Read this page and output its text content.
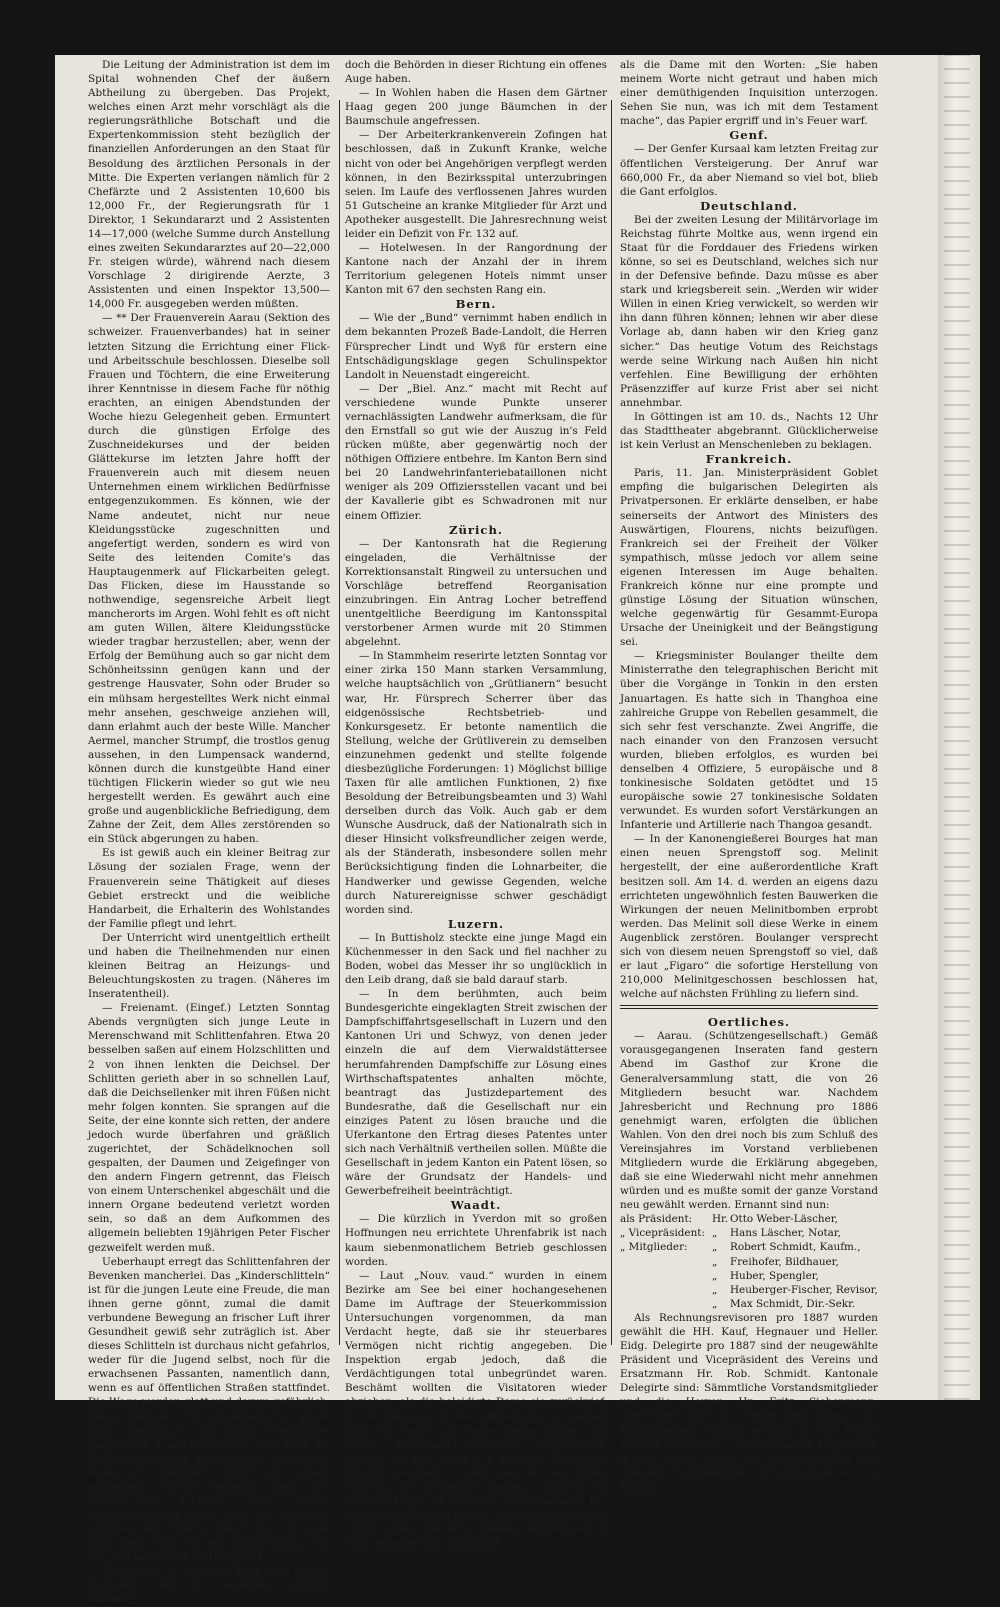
Die Leitung der Administration ist dem im Spital wohnenden Chef der äußern Abtheilung zu übergeben. Das Projekt, welches einen Arzt mehr vorschlägt als die regierungsräthliche Botschaft und die Expertenkommission steht bezüglich der finanziellen Anforderungen an den Staat für Besoldung des ärztlichen Personals in der Mitte. Die Experten verlangen nämlich für 2 Chefärzte und 2 Assistenten 10,600 bis 12,000 Fr., der Regierungsrath für 1 Direktor, 1 Sekundararzt und 2 Assistenten 14—17,000 (welche Summe durch Anstellung eines zweiten Sekundararztes auf 20—22,000 Fr. steigen würde), während nach diesem Vorschlage 2 dirigirende Aerzte, 3 Assistenten und einen Inspektor 13,500—14,000 Fr. ausgegeben werden müßten.

— ** Der Frauenverein Aarau (Sektion des schweizer. Frauenverbandes) hat in seiner letzten Sitzung die Errichtung einer Flick- und Arbeitsschule beschlossen. Dieselbe soll Frauen und Töchtern, die eine Erweiterung ihrer Kenntnisse in diesem Fache für nöthig erachten, an einigen Abendstunden der Woche hiezu Gelegenheit geben. Ermuntert durch die günstigen Erfolge des Zuschneidekurses und der beiden Glättekurse im letzten Jahre hofft der Frauenverein auch mit diesem neuen Unternehmen einem wirklichen Bedürfnisse entgegenzukommen. Es können, wie der Name andeutet, nicht nur neue Kleidungsstücke zugeschnitten und angefertigt werden, sondern es wird von Seite des leitenden Comite's das Hauptaugenmerk auf Flickarbeiten gelegt. Das Flicken, diese im Hausstande so nothwendige, segensreiche Arbeit liegt mancherorts im Argen. Wohl fehlt es oft nicht am guten Willen, ältere Kleidungsstücke wieder tragbar herzustellen; aber, wenn der Erfolg der Bemühung auch so gar nicht dem Schönheitssinn genügen kann und der gestrenge Hausvater, Sohn oder Bruder so ein mühsam hergestelltes Werk nicht einmal mehr ansehen, geschweige anziehen will, dann erlahmt auch der beste Wille. Mancher Aermel, mancher Strumpf, die trostlos genug aussehen, in den Lumpensack wandernd, können durch die kunstgeübte Hand einer tüchtigen Flickerin wieder so gut wie neu hergestellt werden. Es gewährt auch eine große und augenblickliche Befriedigung, dem Zahne der Zeit, dem Alles zerstörenden so ein Stück abgerungen zu haben.

Es ist gewiß auch ein kleiner Beitrag zur Lösung der sozialen Frage, wenn der Frauenverein seine Thätigkeit auf dieses Gebiet erstreckt und die weibliche Handarbeit, die Erhalterin des Wohlstandes der Familie pflegt und lehrt.

Der Unterricht wird unentgeltlich ertheilt und haben die Theilnehmenden nur einen kleinen Beitrag an Heizungs- und Beleuchtungskosten zu tragen. (Näheres im Inseratentheil).

— Freienamt. (Eingef.) Letzten Sonntag Abends vergnügten sich junge Leute in Merenschwand mit Schlittenfahren. Etwa 20 besselben saßen auf einem Holzschlitten und 2 von ihnen lenkten die Deichsel. Der Schlitten gerieth aber in so schnellen Lauf, daß die Deichsellenker mit ihren Füßen nicht mehr folgen konnten. Sie sprangen auf die Seite, der eine konnte sich retten, der andere jedoch wurde überfahren und gräßlich zugerichtet, der Schädelknochen soll gespalten, der Daumen und Zeigefinger von den andern Fingern getrennt, das Fleisch von einem Unterschenkel abgeschält und die innern Organe bedeutend verletzt worden sein, so daß an dem Aufkommen des allgemein beliebten 19jährigen Peter Fischer gezweifelt werden muß.

Ueberhaupt erregt das Schlittenfahren der Bevenken mancherlei. Das „Kinderschlitteln“ ist für die jungen Leute eine Freude, die man ihnen gerne gönnt, zumal die damit verbundene Bewegung an frischer Luft ihrer Gesundheit gewiß sehr zuträglich ist. Aber dieses Schlitteln ist durchaus nicht gefahrlos, weder für die Jugend selbst, noch für die erwachsenen Passanten, namentlich dann, wenn es auf öffentlichen Straßen stattfindet. Die Wege werden glatt und darum gefährlich, und es kann ja auch vorkommen, daß ältere Leute überfahren und durch Schulkinder unglücklich gemacht werden. Aber auch die Roßschlitten sind gegenwärtig gefährlich, wenn die Zugthiere nicht mit einem warnenden Geröll behängt sind. Bei ordentlichen Schlitten fehlt dieses Warnungszeichen nicht, aber bei gemeinen Schlitten fast überall. Dann fehlt da aber auch noch sehr oft der nothwendige, zur Vorsicht mahnende Warnungsruf.

Hier steht ein wichtiges Feld offen für die Gemeinde und die allgemeine Polizei. Möchten

doch die Behörden in dieser Richtung ein offenes Auge haben.

— In Wohlen haben die Hasen dem Gärtner Haag gegen 200 junge Bäumchen in der Baumschule angefressen.

— Der Arbeiterkrankenverein Zofingen hat beschlossen, daß in Zukunft Kranke, welche nicht von oder bei Angehörigen verpflegt werden können, in den Bezirksspital unterzubringen seien. Im Laufe des verflossenen Jahres wurden 51 Gutscheine an kranke Mitglieder für Arzt und Apotheker ausgestellt. Die Jahresrechnung weist leider ein Defizit von Fr. 132 auf.

— Hotelwesen. In der Rangordnung der Kantone nach der Anzahl der in ihrem Territorium gelegenen Hotels nimmt unser Kanton mit 67 den sechsten Rang ein.

Bern.

— Wie der „Bund“ vernimmt haben endlich in dem bekannten Prozeß Bade-Landolt, die Herren Fürsprecher Lindt und Wyß für erstern eine Entschädigungsklage gegen Schulinspektor Landolt in Neuenstadt eingereicht.

— Der „Biel. Anz.“ macht mit Recht auf verschiedene wunde Punkte unserer vernachlässigten Landwehr aufmerksam, die für den Ernstfall so gut wie der Auszug in's Feld rücken müßte, aber gegenwärtig noch der nöthigen Offiziere entbehre. Im Kanton Bern sind bei 20 Landwehrinfanteriebataillonen nicht weniger als 209 Offiziersstellen vacant und bei der Kavallerie gibt es Schwadronen mit nur einem Offizier.

Zürich.

— Der Kantonsrath hat die Regierung eingeladen, die Verhältnisse der Korrektionsanstalt Ringweil zu untersuchen und Vorschläge betreffend Reorganisation einzubringen. Ein Antrag Locher betreffend unentgeltliche Beerdigung im Kantonsspital verstorbener Armen wurde mit 20 Stimmen abgelehnt.

— In Stammheim reserirte letzten Sonntag vor einer zirka 150 Mann starken Versammlung, welche hauptsächlich von „Grütlianern“ besucht war, Hr. Fürsprech Scherrer über das eidgenössische Rechtsbetrieb- und Konkursgesetz. Er betonte namentlich die Stellung, welche der Grütliverein zu demselben einzunehmen gedenkt und stellte folgende diesbezügliche Forderungen: 1) Möglichst billige Taxen für alle amtlichen Funktionen, 2) fixe Besoldung der Betreibungsbeamten und 3) Wahl derselben durch das Volk. Auch gab er dem Wunsche Ausdruck, daß der Nationalrath sich in dieser Hinsicht volksfreundlicher zeigen werde, als der Ständerath, insbesondere sollen mehr Berücksichtigung finden die Lohnarbeiter, die Handwerker und gewisse Gegenden, welche durch Naturereignisse schwer geschädigt worden sind.

Luzern.

— In Buttisholz steckte eine junge Magd ein Küchenmesser in den Sack und fiel nachher zu Boden, wobei das Messer ihr so unglücklich in den Leib drang, daß sie bald darauf starb.

— In dem berühmten, auch beim Bundesgerichte eingeklagten Streit zwischen der Dampfschiffahrtsgesellschaft in Luzern und den Kantonen Uri und Schwyz, von denen jeder einzeln die auf dem Vierwaldstättersee herumfahrenden Dampfschiffe zur Lösung eines Wirthschaftspatentes anhalten möchte, beantragt das Justizdepartement des Bundesrathe, daß die Gesellschaft nur ein einziges Patent zu lösen brauche und die Uferkantone den Ertrag dieses Patentes unter sich nach Verhältniß vertheilen sollen. Müßte die Gesellschaft in jedem Kanton ein Patent lösen, so wäre der Grundsatz der Handels- und Gewerbefreiheit beeinträchtigt.

Waadt.

— Die kürzlich in Yverdon mit so großen Hoffnungen neu errichtete Uhrenfabrik ist nach kaum siebenmonatlichem Betrieb geschlossen worden.

— Laut „Nouv. vaud.“ wurden in einem Bezirke am See bei einer hochangesehenen Dame im Auftrage der Steuerkommission Untersuchungen vorgenommen, da man Verdacht hegte, daß sie ihr steuerbares Vermögen nicht richtig angegeben. Die Inspektion ergab jedoch, daß die Verdächtigungen total unbegründet waren. Beschämt wollten die Visitatoren wieder abziehen, als die beleidigte Dame sie zurückrief, da sie ihnen noch eine Mittheilung zu machen habe. Sie sagte: „Sie haben meine Bücher und meine Privatangelegenheiten durchstöbert, wollen Sie nun auch von meinem Testament Einsicht nehmen“. Damit zog sie aus ihrem Sekretär ihr Testament; dasselbe enthielt ein schönes Legat zu Gunsten der Gemeinde. Die Herren erschöpften sich in Versicherungen ihrer Hochachtung und ihres Dankes, wurden jedoch sehr unangenehm enttäuscht,

als die Dame mit den Worten: „Sie haben meinem Worte nicht getraut und haben mich einer demüthigenden Inquisition unterzogen. Sehen Sie nun, was ich mit dem Testament mache“, das Papier ergriff und in's Feuer warf.

Genf.

— Der Genfer Kursaal kam letzten Freitag zur öffentlichen Versteigerung. Der Anruf war 660,000 Fr., da aber Niemand so viel bot, blieb die Gant erfolglos.

Deutschland.

Bei der zweiten Lesung der Militärvorlage im Reichstag führte Moltke aus, wenn irgend ein Staat für die Forddauer des Friedens wirken könne, so sei es Deutschland, welches sich nur in der Defensive befinde. Dazu müsse es aber stark und kriegsbereit sein. „Werden wir wider Willen in einen Krieg verwickelt, so werden wir ihn dann führen können; lehnen wir aber diese Vorlage ab, dann haben wir den Krieg ganz sicher.“ Das heutige Votum des Reichstags werde seine Wirkung nach Außen hin nicht verfehlen. Eine Bewilligung der erhöhten Präsenzziffer auf kurze Frist aber sei nicht annehmbar.

In Göttingen ist am 10. ds., Nachts 12 Uhr das Stadttheater abgebrannt. Glücklicherweise ist kein Verlust an Menschenleben zu beklagen.

Frankreich.

Paris, 11. Jan. Ministerpräsident Goblet empfing die bulgarischen Delegirten als Privatpersonen. Er erklärte denselben, er habe seinerseits der Antwort des Ministers des Auswärtigen, Flourens, nichts beizufügen. Frankreich sei der Freiheit der Völker sympathisch, müsse jedoch vor allem seine eigenen Interessen im Auge behalten. Frankreich könne nur eine prompte und günstige Lösung der Situation wünschen, welche gegenwärtig für Gesammt-Europa Ursache der Uneinigkeit und der Beängstigung sei.

— Kriegsminister Boulanger theilte dem Ministerrathe den telegraphischen Bericht mit über die Vorgänge in Tonkin in den ersten Januartagen. Es hatte sich in Thanghoa eine zahlreiche Gruppe von Rebellen gesammelt, die sich sehr fest verschanzte. Zwei Angriffe, die nach einander von den Franzosen versucht wurden, blieben erfolglos, es wurden bei denselben 4 Offiziere, 5 europäische und 8 tonkinesische Soldaten getödtet und 15 europäische sowie 27 tonkinesische Soldaten verwundet. Es wurden sofort Verstärkungen an Infanterie und Artillerie nach Thangoa gesandt.

— In der Kanonengießerei Bourges hat man einen neuen Sprengstoff sog. Melinit hergestellt, der eine außerordentliche Kraft besitzen soll. Am 14. d. werden an eigens dazu errichteten ungewöhnlich festen Bauwerken die Wirkungen der neuen Melinitbomben erprobt werden. Das Melinit soll diese Werke in einem Augenblick zerstören. Boulanger versprecht sich von diesem neuen Sprengstoff so viel, daß er laut „Figaro“ die sofortige Herstellung von 210,000 Melinitgeschossen beschlossen hat, welche auf nächsten Frühling zu liefern sind.

Oertliches.

— Aarau. (Schützengesellschaft.) Gemäß vorausgegangenen Inseraten fand gestern Abend im Gasthof zur Krone die Generalversammlung statt, die von 26 Mitgliedern besucht war. Nachdem Jahresbericht und Rechnung pro 1886 genehmigt waren, erfolgten die üblichen Wahlen. Von den drei noch bis zum Schluß des Vereinsjahres im Vorstand verbliebenen Mitgliedern wurde die Erklärung abgegeben, daß sie eine Wiederwahl nicht mehr annehmen würden und es mußte somit der ganze Vorstand neu gewählt werden. Ernannt sind nun:

als Präsident:	Hr. Otto Weber-Läscher,
„ Vicepräsident: „	Hans Läscher, Notar,
„ Mitglieder:	„	Robert Schmidt, Kaufm.,
„	Freihofer, Bildhauer,
„	Huber, Spengler,
„	Heuberger-Fischer, Revisor,
„	Max Schmidt, Dir.-Sekr.

Als Rechnungsrevisoren pro 1887 wurden gewählt die HH. Kauf, Hegnauer und Heller. Eidg. Delegirte pro 1887 sind der neugewählte Präsident und Vicepräsident des Vereins und Ersatzmann Hr. Rob. Schmidt. Kantonale Delegirte sind: Sämmtliche Vorstandsmitglieder und die Herren Hr. Fritz Siebenmann, Bierbrauer und Hr. Heller, Bez.-Richter. Zu Ersatzmännern wurden gewählt die HH. Wirth-Herzog, Zellweger u. Hans Schmidt. Mögen nun in den Verein wieder alte Gemüthlichkeit und Einmuth zurückkehren, wir wünschen es von Herzen.
